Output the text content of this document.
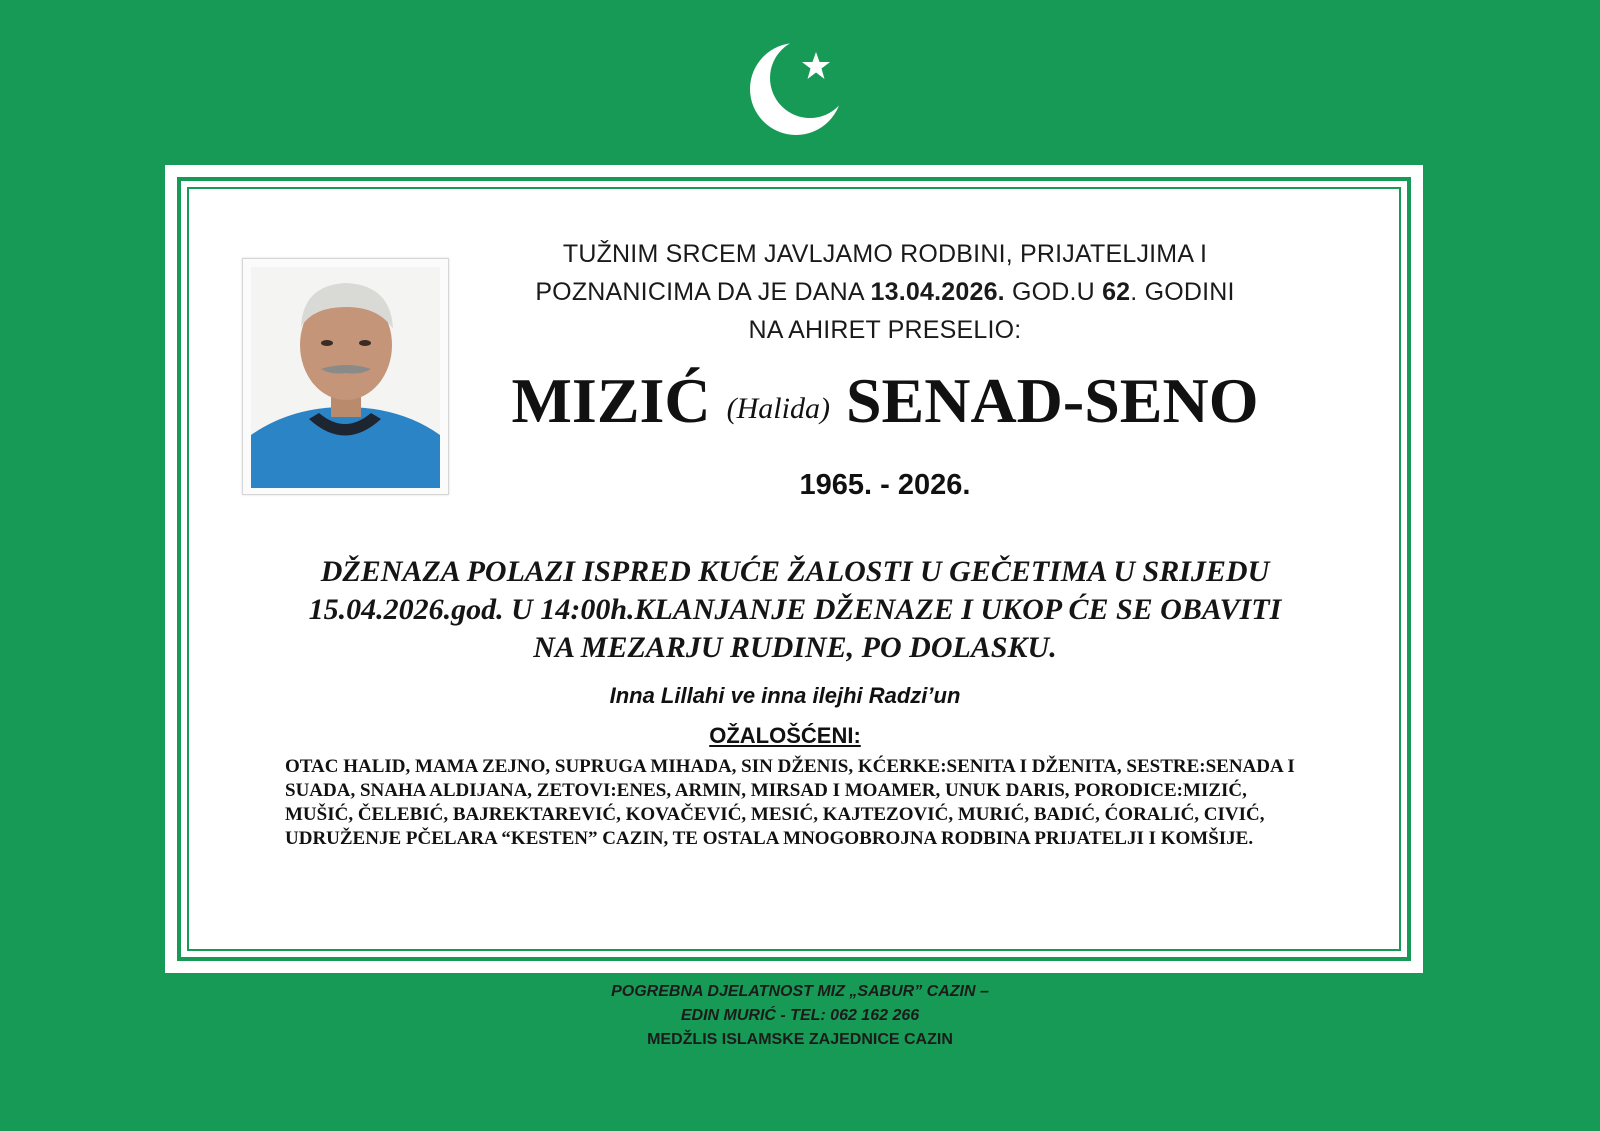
TUŽNIM SRCEM JAVLJAMO RODBINI, PRIJATELJIMA I
POZNANICIMA DA JE DANA 13.04.2026. GOD.U 62. GODINI
NA AHIRET PRESELIO:
MIZIĆ (Halida) SENAD-SENO
1965. - 2026.
DŽENAZA POLAZI ISPRED KUĆE ŽALOSTI U GEČETIMA U SRIJEDU
15.04.2026.god. U 14:00h.KLANJANJE DŽENAZE I UKOP ĆE SE OBAVITI
NA MEZARJU RUDINE, PO DOLASKU.
Inna Lillahi ve inna ilejhi Radzi’un
OŽALOŠĆENI:
OTAC HALID, MAMA ZEJNO, SUPRUGA MIHADA, SIN DŽENIS, KĆERKE:SENITA I DŽENITA, SESTRE:SENADA I SUADA, SNAHA ALDIJANA, ZETOVI:ENES, ARMIN, MIRSAD I MOAMER, UNUK DARIS, PORODICE:MIZIĆ, MUŠIĆ, ČELEBIĆ, BAJREKTAREVIĆ, KOVAČEVIĆ, MESIĆ, KAJTEZOVIĆ, MURIĆ, BADIĆ, ĆORALIĆ, CIVIĆ, UDRUŽENJE PČELARA “KESTEN” CAZIN, TE OSTALA MNOGOBROJNA RODBINA PRIJATELJI I KOMŠIJE.
POGREBNA DJELATNOST MIZ „SABUR” CAZIN –
EDIN MURIĆ - TEL: 062 162 266
MEDŽLIS ISLAMSKE ZAJEDNICE CAZIN
